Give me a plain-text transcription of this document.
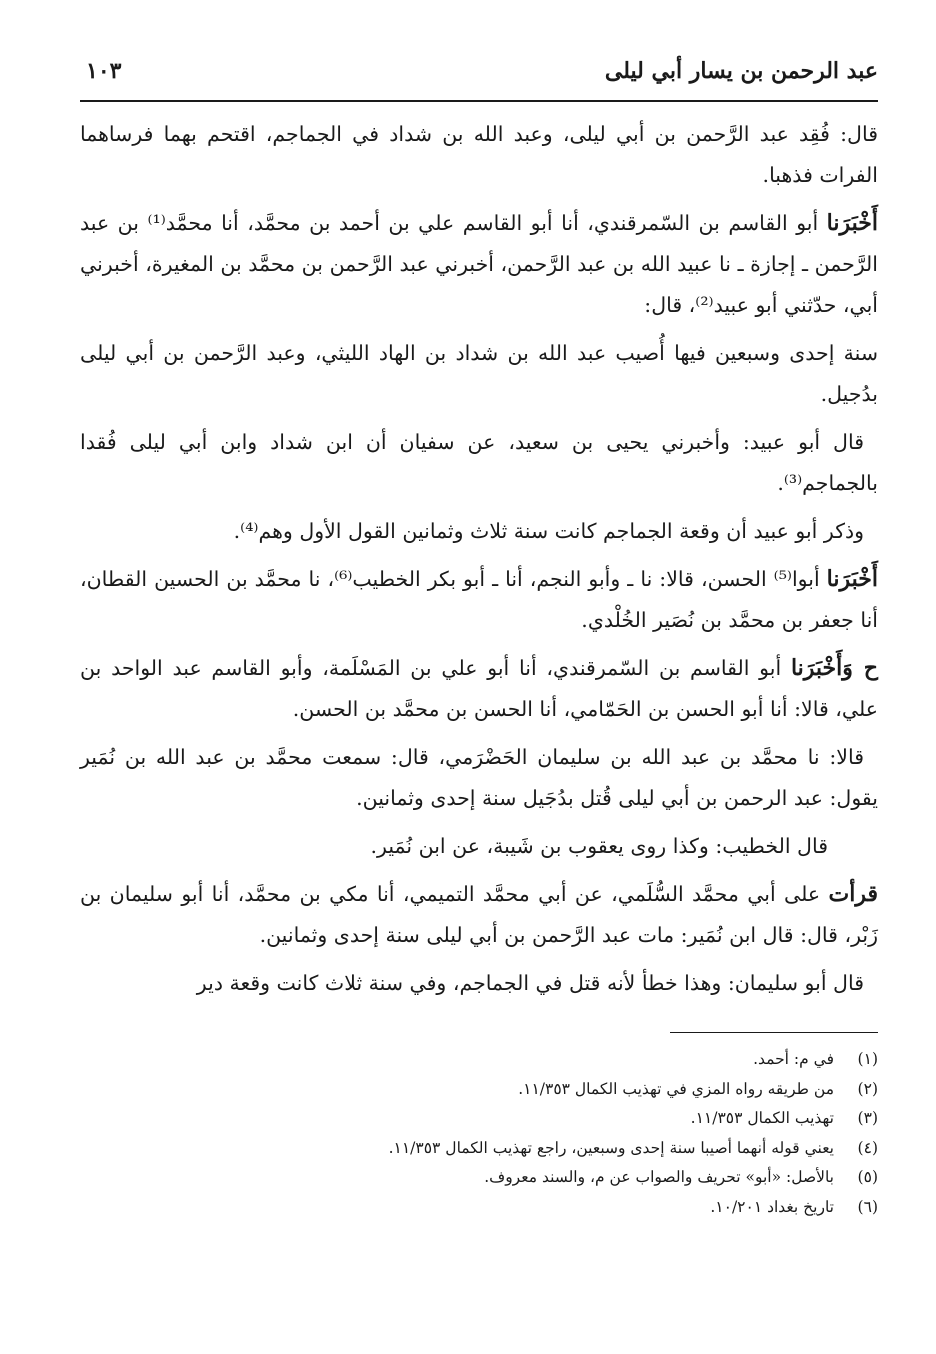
عبد الرحمن بن يسار أبي ليلى
١٠٣

قال: فُقِد عبد الرَّحمن بن أبي ليلى، وعبد الله بن شداد في الجماجم، اقتحم بهما فرساهما الفرات فذهبا.

أَخْبَرَنا أبو القاسم بن السّمرقندي، أنا أبو القاسم علي بن أحمد بن محمَّد، أنا محمَّد⁽¹⁾ بن عبد الرَّحمن ـ إجازة ـ نا عبيد الله بن عبد الرَّحمن، أخبرني عبد الرَّحمن بن محمَّد بن المغيرة، أخبرني أبي، حدّثني أبو عبيد⁽²⁾، قال:

سنة إحدى وسبعين فيها أُصيب عبد الله بن شداد بن الهاد الليثي، وعبد الرَّحمن بن أبي ليلى بدُجيل.

قال أبو عبيد: وأخبرني يحيى بن سعيد، عن سفيان أن ابن شداد وابن أبي ليلى فُقدا بالجماجم⁽³⁾.

وذكر أبو عبيد أن وقعة الجماجم كانت سنة ثلاث وثمانين القول الأول وهم⁽⁴⁾.

أَخْبَرَنا أبوا⁽⁵⁾ الحسن، قالا: نا ـ وأبو النجم، أنا ـ أبو بكر الخطيب⁽⁶⁾، نا محمَّد بن الحسين القطان، أنا جعفر بن محمَّد بن نُصَير الخُلْدي.

ح وَأَخْبَرَنا أبو القاسم بن السّمرقندي، أنا أبو علي بن المَسْلَمة، وأبو القاسم عبد الواحد بن علي، قالا: أنا أبو الحسن بن الحَمّامي، أنا الحسن بن محمَّد بن الحسن.

قالا: نا محمَّد بن عبد الله بن سليمان الحَضْرَمي، قال: سمعت محمَّد بن عبد الله بن نُمَير يقول: عبد الرحمن بن أبي ليلى قُتل بدُجَيل سنة إحدى وثمانين.

قال الخطيب: وكذا روى يعقوب بن شَيبة، عن ابن نُمَير.

قرأت على أبي محمَّد السُّلَمي، عن أبي محمَّد التميمي، أنا مكي بن محمَّد، أنا أبو سليمان بن زَبْر، قال: قال ابن نُمَير: مات عبد الرَّحمن بن أبي ليلى سنة إحدى وثمانين.

قال أبو سليمان: وهذا خطأ لأنه قتل في الجماجم، وفي سنة ثلاث كانت وقعة دير

(١)
في م: أحمد.
(٢)
من طريقه رواه المزي في تهذيب الكمال ١١/٣٥٣.
(٣)
تهذيب الكمال ١١/٣٥٣.
(٤)
يعني قوله أنهما أصيبا سنة إحدى وسبعين، راجع تهذيب الكمال ١١/٣٥٣.
(٥)
بالأصل: «أبو» تحريف والصواب عن م، والسند معروف.
(٦)
تاريخ بغداد ١٠/٢٠١.
